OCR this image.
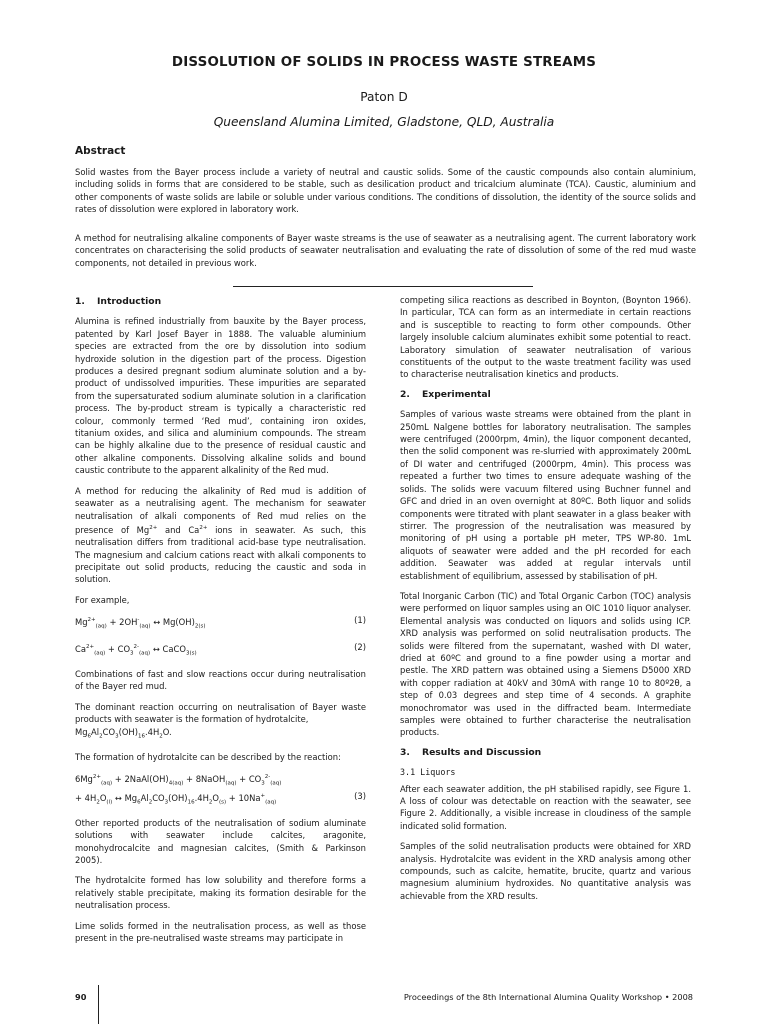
DISSOLUTION OF SOLIDS IN PROCESS WASTE STREAMS
Paton D
Queensland Alumina Limited, Gladstone, QLD, Australia
Abstract

Solid wastes from the Bayer process include a variety of neutral and caustic solids. Some of the caustic compounds also contain aluminium, including solids in forms that are considered to be stable, such as desilication product and tricalcium aluminate (TCA). Caustic, aluminium and other components of waste solids are labile or soluble under various conditions. The conditions of dissolution, the identity of the source solids and rates of dissolution were explored in laboratory work.

A method for neutralising alkaline components of Bayer waste streams is the use of seawater as a neutralising agent. The current laboratory work concentrates on characterising the solid products of seawater neutralisation and evaluating the rate of dissolution of some of the red mud waste components, not detailed in previous work.

1. Introduction

Alumina is refined industrially from bauxite by the Bayer process, patented by Karl Josef Bayer in 1888. The valuable aluminium species are extracted from the ore by dissolution into sodium hydroxide solution in the digestion part of the process. Digestion produces a desired pregnant sodium aluminate solution and a by-product of undissolved impurities. These impurities are separated from the supersaturated sodium aluminate solution in a clarification process. The by-product stream is typically a characteristic red colour, commonly termed ‘Red mud’, containing iron oxides, titanium oxides, and silica and aluminium compounds. The stream can be highly alkaline due to the presence of residual caustic and other alkaline components. Dissolving alkaline solids and bound caustic contribute to the apparent alkalinity of the Red mud.

A method for reducing the alkalinity of Red mud is addition of seawater as a neutralising agent. The mechanism for seawater neutralisation of alkali components of Red mud relies on the presence of $Mg^{2+}$ and $Ca^{2+}$ ions in seawater. As such, this neutralisation differs from traditional acid-base type neutralisation. The magnesium and calcium cations react with alkali components to precipitate out solid products, reducing the caustic and soda in solution.

For example,

$Mg^{2+}_{(aq)} + 2OH^-_{(aq)}$ ↔ $Mg(OH)_{2(s)}$
(1)
$Ca^{2+}_{(aq)} + CO_3^{2-}_{(aq)}$ ↔ CaCO$_{3(s)}$
(2)

Combinations of fast and slow reactions occur during neutralisation of the Bayer red mud.

The dominant reaction occurring on neutralisation of Bayer waste products with seawater is the formation of hydrotalcite,

$Mg_6Al_2CO_3(OH)_{16}.4H_2O$.

The formation of hydrotalcite can be described by the reaction:

$6Mg^{2+}_{(aq)}$ + $2NaAl(OH)_{4(aq)}$ + 8NaOH$_{(aq)}$ + $CO_3^{2-}_{(aq)}$
+ $4H_2O_{(l)}$ ↔ $Mg_6Al_2CO_3(OH)_{16}.4H_2O_{(s)} + 10Na^+_{(aq)}$
(3)

Other reported products of the neutralisation of sodium aluminate solutions with seawater include calcites, aragonite, monohydrocalcite and magnesian calcites, (Smith & Parkinson 2005).

The hydrotalcite formed has low solubility and therefore forms a relatively stable precipitate, making its formation desirable for the neutralisation process.

Lime solids formed in the neutralisation process, as well as those present in the pre-neutralised waste streams may participate in

competing silica reactions as described in Boynton, (Boynton 1966). In particular, TCA can form as an intermediate in certain reactions and is susceptible to reacting to form other compounds. Other largely insoluble calcium aluminates exhibit some potential to react. Laboratory simulation of seawater neutralisation of various constituents of the output to the waste treatment facility was used to characterise neutralisation kinetics and products.

2. Experimental

Samples of various waste streams were obtained from the plant in 250mL Nalgene bottles for laboratory neutralisation. The samples were centrifuged (2000rpm, 4min), the liquor component decanted, then the solid component was re-slurried with approximately 200mL of DI water and centrifuged (2000rpm, 4min). This process was repeated a further two times to ensure adequate washing of the solids. The solids were vacuum filtered using Buchner funnel and GFC and dried in an oven overnight at 80ºC. Both liquor and solids components were titrated with plant seawater in a glass beaker with stirrer. The progression of the neutralisation was measured by monitoring of pH using a portable pH meter, TPS WP-80. 1mL aliquots of seawater were added and the pH recorded for each addition. Seawater was added at regular intervals until establishment of equilibrium, assessed by stabilisation of pH.

Total Inorganic Carbon (TIC) and Total Organic Carbon (TOC) analysis were performed on liquor samples using an OIC 1010 liquor analyser. Elemental analysis was conducted on liquors and solids using ICP. XRD analysis was performed on solid neutralisation products. The solids were filtered from the supernatant, washed with DI water, dried at 60ºC and ground to a fine powder using a mortar and pestle. The XRD pattern was obtained using a Siemens D5000 XRD with copper radiation at 40kV and 30mA with range 10 to 80º2θ, a step of 0.03 degrees and step time of 4 seconds. A graphite monochromator was used in the diffracted beam. Intermediate samples were obtained to further characterise the neutralisation products.

3. Results and Discussion
3.1 Liquors

After each seawater addition, the pH stabilised rapidly, see Figure 1. A loss of colour was detectable on reaction with the seawater, see Figure 2. Additionally, a visible increase in cloudiness of the sample indicated solid formation.

Samples of the solid neutralisation products were obtained for XRD analysis. Hydrotalcite was evident in the XRD analysis among other compounds, such as calcite, hematite, brucite, quartz and various magnesium aluminium hydroxides. No quantitative analysis was achievable from the XRD results.

90	Proceedings of the 8th International Alumina Quality Workshop • 2008
